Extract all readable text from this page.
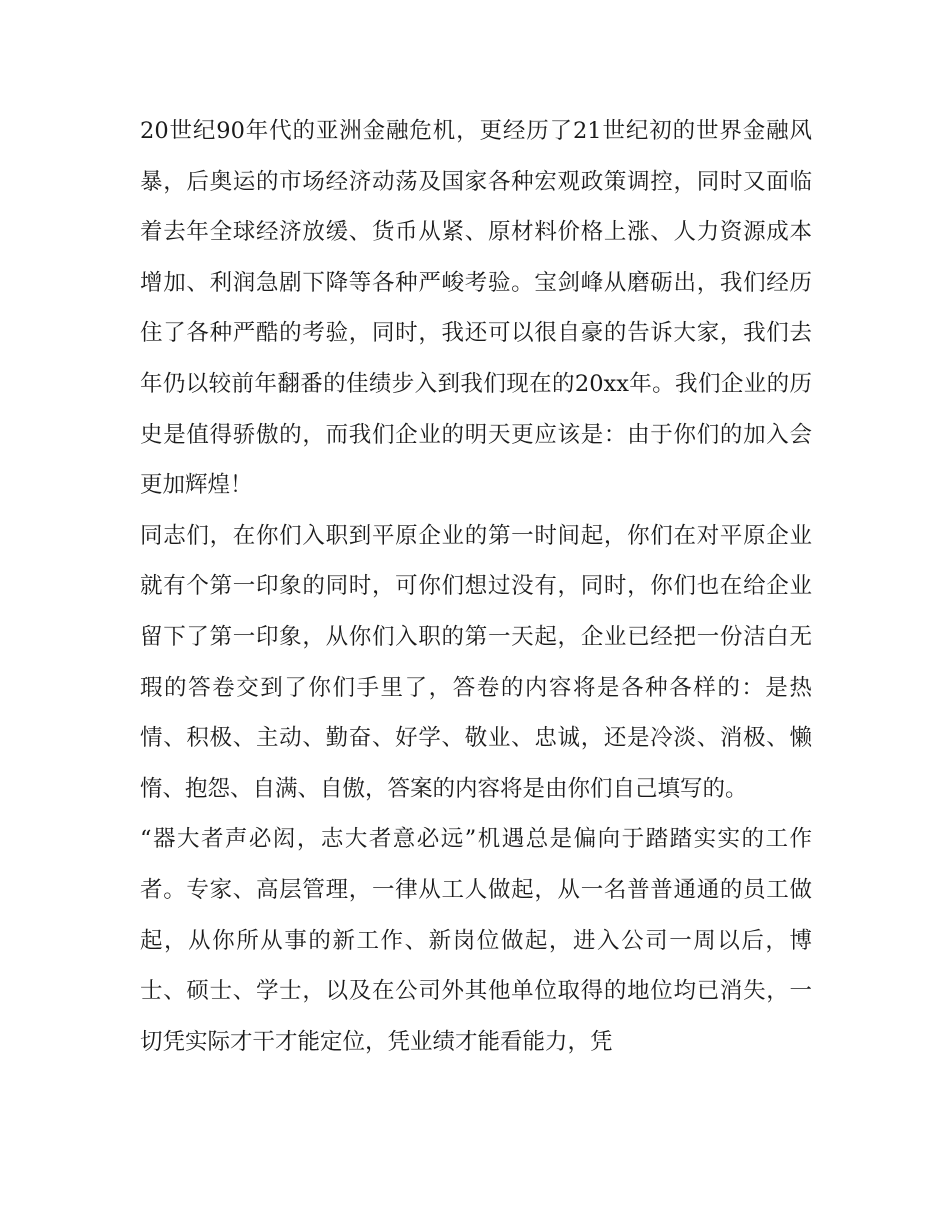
20世纪90年代的亚洲金融危机，更经历了21世纪初的世界金融风暴，后奥运的市场经济动荡及国家各种宏观政策调控，同时又面临着去年全球经济放缓、货币从紧、原材料价格上涨、人力资源成本增加、利润急剧下降等各种严峻考验。宝剑峰从磨砺出，我们经历住了各种严酷的考验，同时，我还可以很自豪的告诉大家，我们去年仍以较前年翻番的佳绩步入到我们现在的20xx年。我们企业的历史是值得骄傲的，而我们企业的明天更应该是：由于你们的加入会更加辉煌！

同志们，在你们入职到平原企业的第一时间起，你们在对平原企业就有个第一印象的同时，可你们想过没有，同时，你们也在给企业留下了第一印象，从你们入职的第一天起，企业已经把一份洁白无瑕的答卷交到了你们手里了，答卷的内容将是各种各样的：是热情、积极、主动、勤奋、好学、敬业、忠诚，还是冷淡、消极、懒惰、抱怨、自满、自傲，答案的内容将是由你们自己填写的。

“器大者声必闳，志大者意必远”机遇总是偏向于踏踏实实的工作者。专家、高层管理，一律从工人做起，从一名普普通通的员工做起，从你所从事的新工作、新岗位做起，进入公司一周以后，博士、硕士、学士，以及在公司外其他单位取得的地位均已消失，一切凭实际才干才能定位，凭业绩才能看能力，凭
